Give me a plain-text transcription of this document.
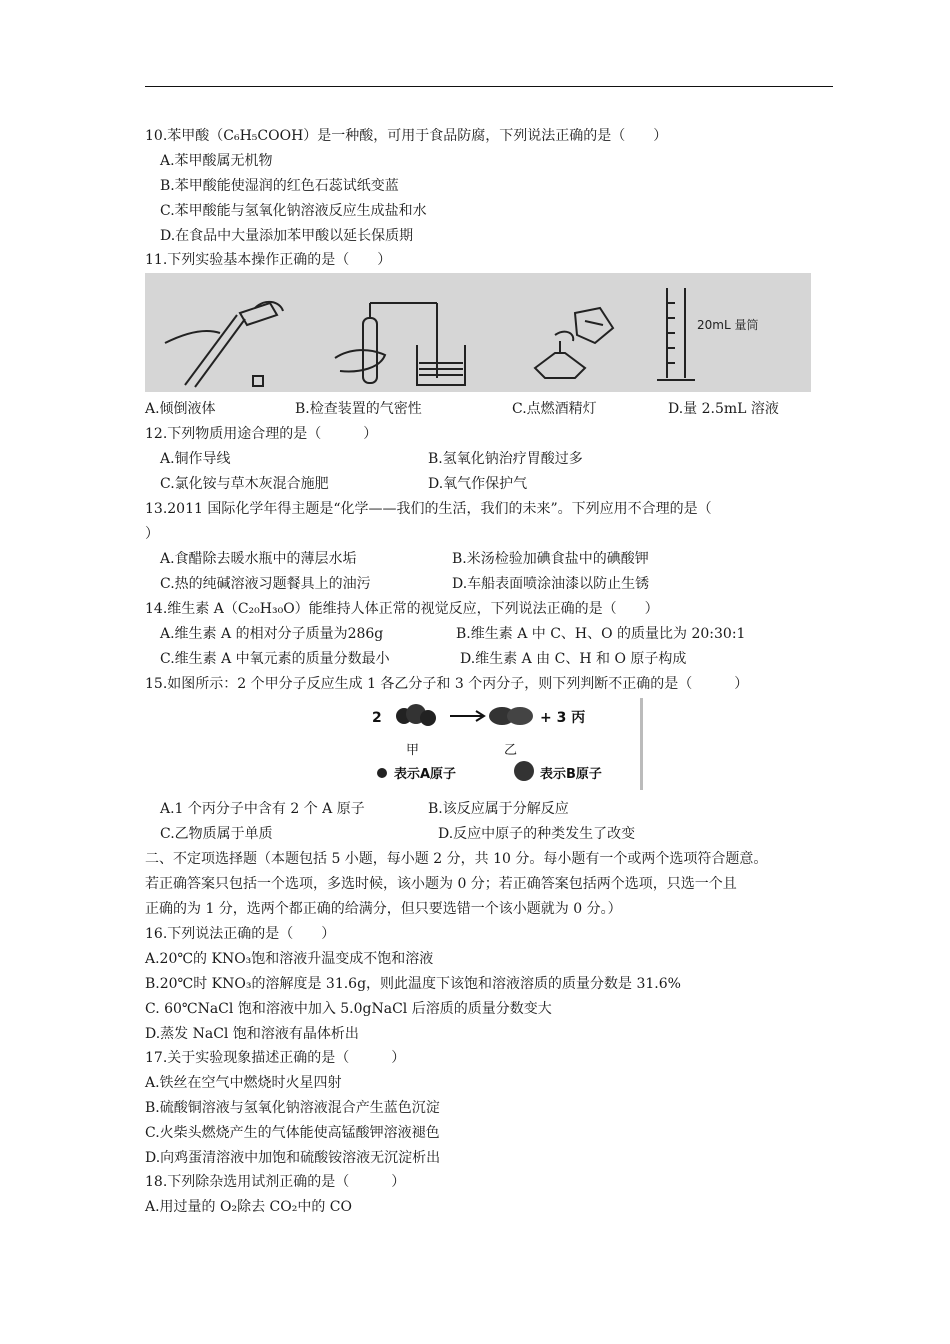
10.苯甲酸（C₆H₅COOH）是一种酸，可用于食品防腐，下列说法正确的是（　　）
A.苯甲酸属无机物
B.苯甲酸能使湿润的红色石蕊试纸变蓝
C.苯甲酸能与氢氧化钠溶液反应生成盐和水
D.在食品中大量添加苯甲酸以延长保质期
11.下列实验基本操作正确的是（　　）
20mL 量筒
A.倾倒液体	B.检查装置的气密性	C.点燃酒精灯	D.量 2.5mL 溶液
12.下列物质用途合理的是（　　　）
A.铜作导线	B.氢氧化钠治疗胃酸过多
C.氯化铵与草木灰混合施肥	D.氧气作保护气
13.2011 国际化学年得主题是“化学——我们的生活，我们的未来”。下列应用不合理的是（
）
A.食醋除去暖水瓶中的薄层水垢	B.米汤检验加碘食盐中的碘酸钾
C.热的纯碱溶液习题餐具上的油污	D.车船表面喷涂油漆以防止生锈
14.维生素 A（C₂₀H₃₀O）能维持人体正常的视觉反应，下列说法正确的是（　　）
A.维生素 A 的相对分子质量为286g	B.维生素 A 中 C、H、O 的质量比为 20:30:1
C.维生素 A 中氧元素的质量分数最小	D.维生素 A 由 C、H 和 O 原子构成
15.如图所示：2 个甲分子反应生成 1 各乙分子和 3 个丙分子，则下列判断不正确的是（　　　）
2	+ 3 丙
甲	乙
表示A原子	表示B原子
A.1 个丙分子中含有 2 个 A 原子	B.该反应属于分解反应
C.乙物质属于单质	D.反应中原子的种类发生了改变
二、不定项选择题（本题包括 5 小题，每小题 2 分，共 10 分。每小题有一个或两个选项符合题意。
若正确答案只包括一个选项，多选时候，该小题为 0 分；若正确答案包括两个选项，只选一个且
正确的为 1 分，选两个都正确的给满分，但只要选错一个该小题就为 0 分。）
16.下列说法正确的是（　　）
A.20℃的 KNO₃饱和溶液升温变成不饱和溶液
B.20℃时 KNO₃的溶解度是 31.6g，则此温度下该饱和溶液溶质的质量分数是 31.6%
C. 60℃NaCl 饱和溶液中加入 5.0gNaCl 后溶质的质量分数变大
D.蒸发 NaCl 饱和溶液有晶体析出
17.关于实验现象描述正确的是（　　　）
A.铁丝在空气中燃烧时火星四射
B.硫酸铜溶液与氢氧化钠溶液混合产生蓝色沉淀
C.火柴头燃烧产生的气体能使高锰酸钾溶液褪色
D.向鸡蛋清溶液中加饱和硫酸铵溶液无沉淀析出
18.下列除杂选用试剂正确的是（　　　）
A.用过量的 O₂除去 CO₂中的 CO
